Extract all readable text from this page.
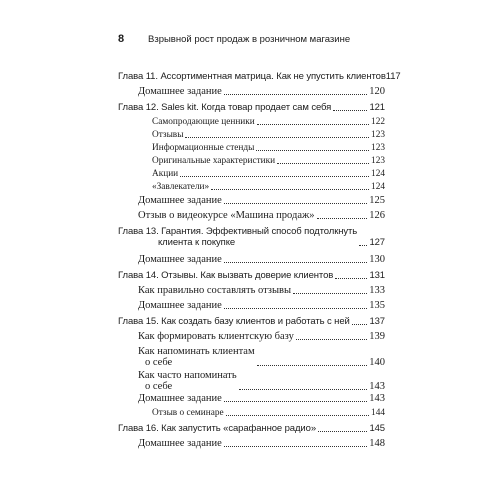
8	Взрывной рост продаж в розничном магазине
Глава 11. Ассортиментная матрица. Как не упустить клиентов 117
Домашнее задание	120
Глава 12. Sales kit. Когда товар продает сам себя	121
Самопродающие ценники	122
Отзывы	123
Информационные стенды	123
Оригинальные характеристики	123
Акции	124
«Завлекатели»	124
Домашнее задание	125
Отзыв о видеокурсе «Машина продаж»	126
Глава 13. Гарантия. Эффективный способ подтолкнуть
клиента к покупке	127
Домашнее задание	130
Глава 14. Отзывы. Как вызвать доверие клиентов	131
Как правильно составлять отзывы	133
Домашнее задание	135
Глава 15. Как создать базу клиентов и работать с ней 137
Как формировать клиентскую базу	139
Как напоминать клиентам
о себе	140
Как часто напоминать
о себе	143
Домашнее задание	143
Отзыв о семинаре	144
Глава 16. Как запустить «сарафанное радио»	145
Домашнее задание	148
